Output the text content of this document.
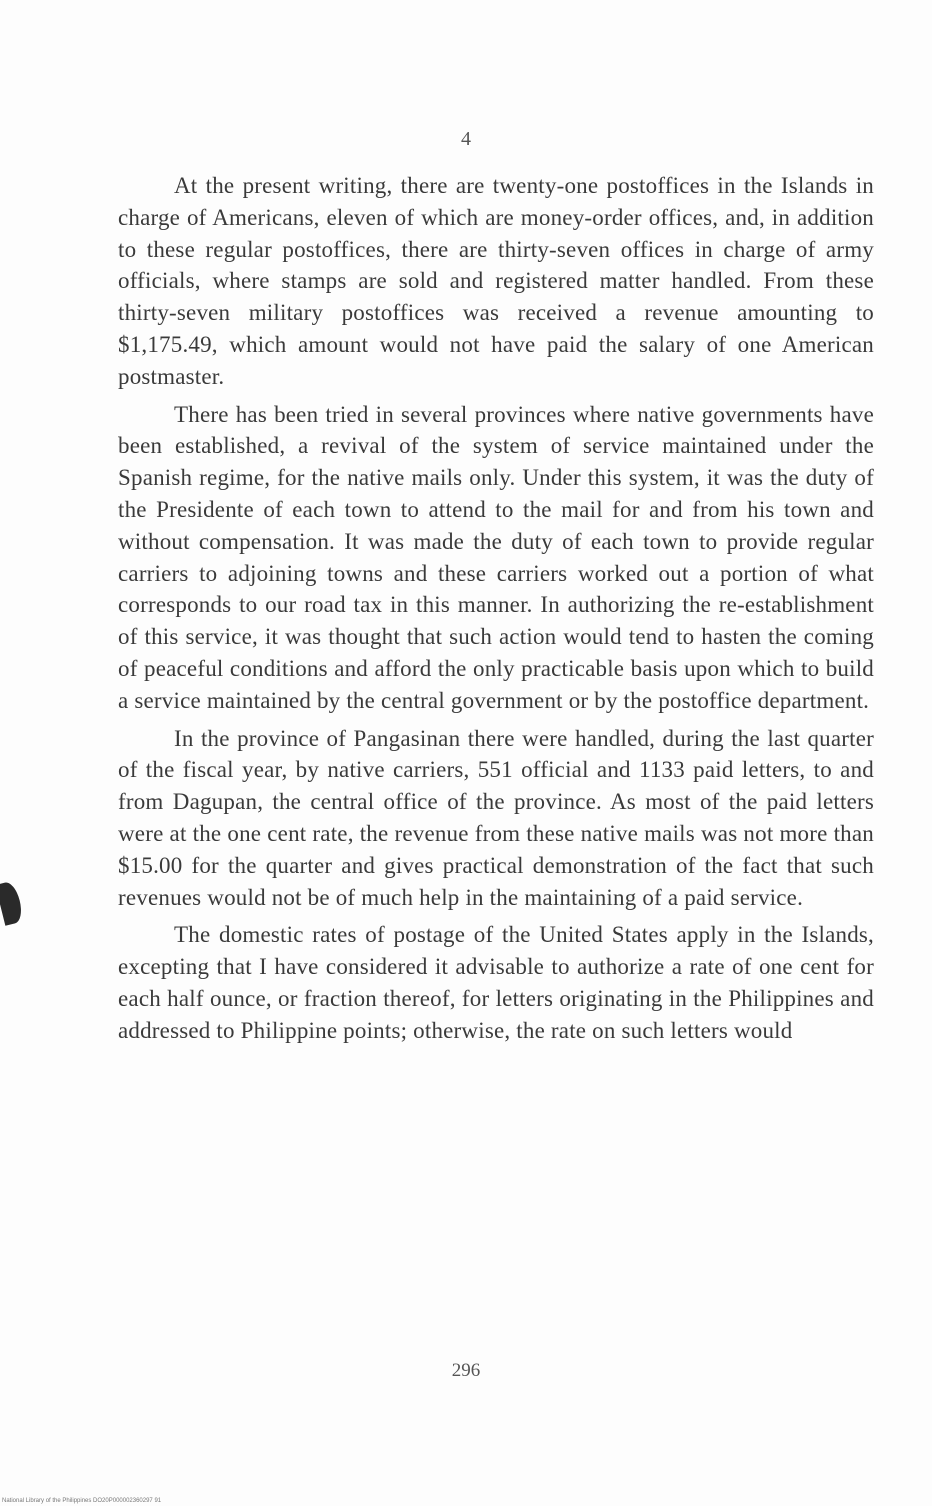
4

At the present writing, there are twenty-one postoffices in the Islands in charge of Americans, eleven of which are money-order offices, and, in addition to these regular postoffices, there are thirty-seven offices in charge of army officials, where stamps are sold and registered matter handled. From these thirty-seven military postoffices was received a revenue amounting to $1,175.49, which amount would not have paid the salary of one American postmaster.

There has been tried in several provinces where native governments have been established, a revival of the system of service maintained under the Spanish regime, for the native mails only. Under this system, it was the duty of the Presidente of each town to attend to the mail for and from his town and without compensation. It was made the duty of each town to provide regular carriers to adjoining towns and these carriers worked out a portion of what corresponds to our road tax in this manner. In authorizing the re-establishment of this service, it was thought that such action would tend to hasten the coming of peaceful conditions and afford the only practicable basis upon which to build a service maintained by the central government or by the postoffice department.

In the province of Pangasinan there were handled, during the last quarter of the fiscal year, by native carriers, 551 official and 1133 paid letters, to and from Dagupan, the central office of the province. As most of the paid letters were at the one cent rate, the revenue from these native mails was not more than $15.00 for the quarter and gives practical demonstration of the fact that such revenues would not be of much help in the maintaining of a paid service.

The domestic rates of postage of the United States apply in the Islands, excepting that I have considered it advisable to authorize a rate of one cent for each half ounce, or fraction thereof, for letters originating in the Philippines and addressed to Philippine points; otherwise, the rate on such letters would

296
National Library of the Philippines DO20P000002360297 91
